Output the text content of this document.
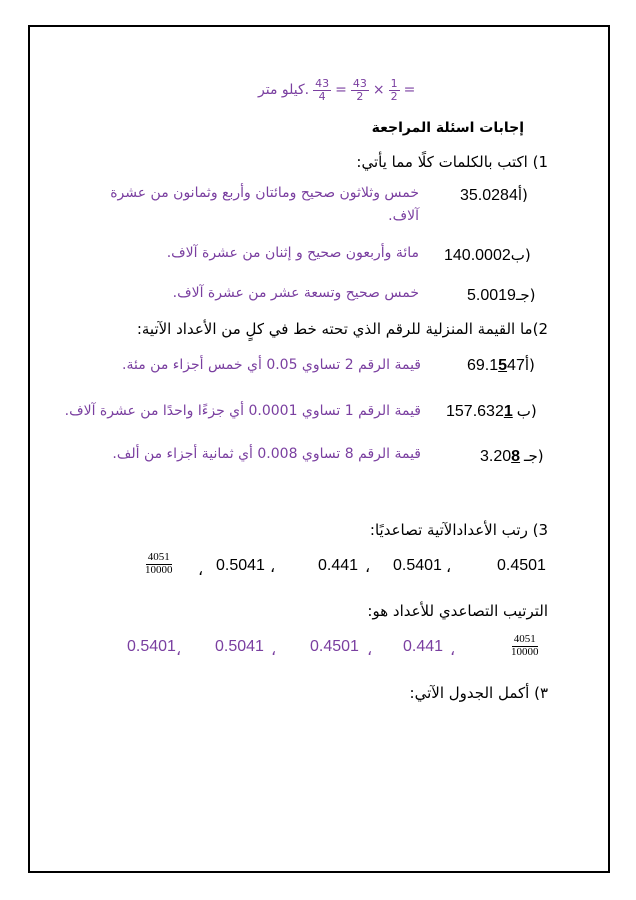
كيلو متر. $\frac{43}{4} = \frac{43}{2} \times \frac{1}{2}$ =
إجابات اسئلة المراجعة
1) اكتب بالكلمات كلًا مما يأتي:
35.0284أ)
خمس وثلاثون صحيح ومائتان وأربع وثمانون من عشرة
آلاف.
140.0002ب)
مائة وأربعون صحيح و إثنان من عشرة آلاف.
5.0019جـ)
خمس صحيح وتسعة عشر من عشرة آلاف.
2)ما القيمة المنزلية للرقم الذي تحته خط في كلٍ من الأعداد الآتية:
69.1547أ)
قيمة الرقم 2 تساوي 0.05 أي خمس أجزاء من مئة.
157.6321 ب)
قيمة الرقم 1 تساوي 0.0001 أي جزءًا واحدًا من عشرة آلاف.
3.208 جـ)
قيمة الرقم 8 تساوي 0.008 أي ثمانية أجزاء من ألف.
3) رتب الأعدادالآتية تصاعديًا:
0.4501
،
0.5401
،
0.441
،
0.5041
،
$\frac{4051}{10000}$
الترتيب التصاعدي للأعداد هو:
$\frac{4051}{10000}$
،
0.441
،
0.4501
،
0.5041
،
0.5401
٣) أكمل الجدول الآتي:
